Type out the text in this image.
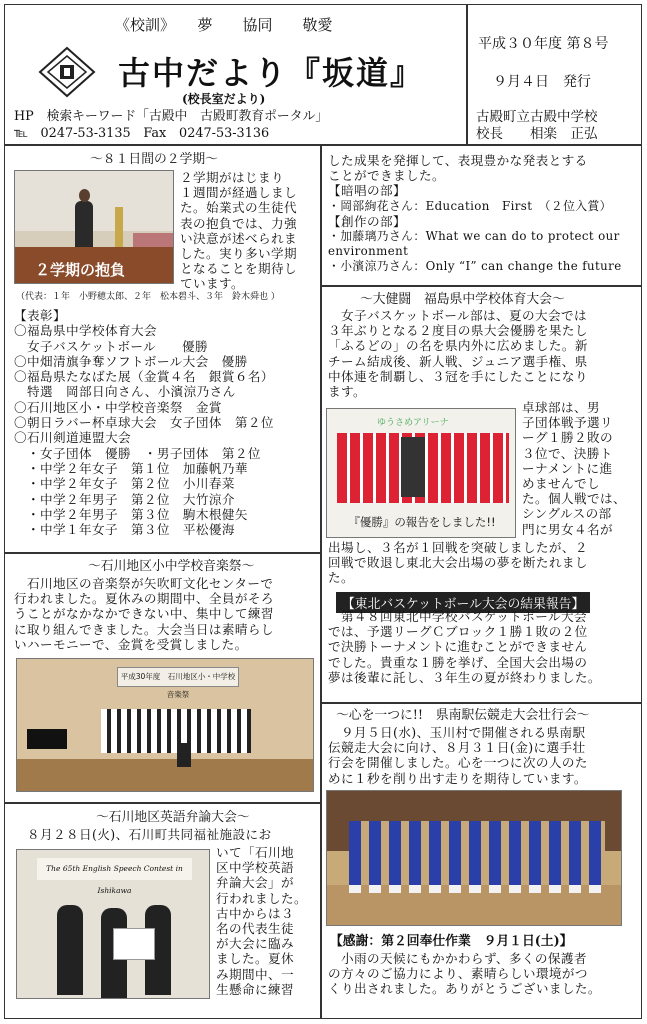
《校訓》　　夢　　協同　　敬愛
古中だより『坂道』
(校長室だより)
HP　検索キーワード「古殿中　古殿町教育ポータル」
℡　0247-53-3135　Fax　0247-53-3136
平成３０年度 第８号
９月４日　発行
古殿町立古殿中学校
校長　　相楽　正弘
～８１日間の２学期～
２学期の抱負
２学期がはじまり
１週間が経過しまし
た。始業式の生徒代
表の抱負では、力強
い決意が述べられま
した。実り多い学期
となることを期待し
ています。
（代表：１年　小野穂太郎、２年　松本碧斗、３年　鈴木舜也 ）
【表彰】
〇福島県中学校体育大会
　女子バスケットボール　　優勝
〇中畑清旗争奪ソフトボール大会　優勝
〇福島県たなばた展（金賞４名　銀賞６名）
　特選　岡部日向さん、小濱涼乃さん
〇石川地区小・中学校音楽祭　金賞
〇朝日ラバー杯卓球大会　女子団体　第２位
〇石川剣道連盟大会
　・女子団体　優勝　・男子団体　第２位
　・中学２年女子　第１位　加藤帆乃華
　・中学２年女子　第２位　小川春菜
　・中学２年男子　第２位　大竹涼介
　・中学２年男子　第３位　駒木根健矢
　・中学１年女子　第３位　平松優海
～石川地区小中学校音楽祭～
　石川地区の音楽祭が矢吹町文化センターで
行われました。夏休みの期間中、全員がそろ
うことがなかなかできない中、集中して練習
に取り組んできました。大会当日は素晴らし
いハーモニーで、金賞を受賞しました。
平成30年度　石川地区小・中学校音楽祭
～石川地区英語弁論大会～
　８月２８日(火)、石川町共同福祉施設にお
The 65th English Speech Contest in Ishikawa
いて「石川地
区中学校英語
弁論大会」が
行われました。
古中からは３
名の代表生徒
が大会に臨み
ました。夏休
み期間中、一
生懸命に練習
した成果を発揮して、表現豊かな発表とする
ことができました。
【暗唱の部】
・岡部絢花さん：Education　First　（２位入賞）
【創作の部】
・加藤璃乃さん：What we can do to protect our
environment
・小濱涼乃さん：Only “I” can change the future
～大健闘　福島県中学校体育大会～
　女子バスケットボール部は、夏の大会では
３年ぶりとなる２度目の県大会優勝を果たし
「ふるどの」の名を県内外に広めました。新
チーム結成後、新人戦、ジュニア選手権、県
中体連を制覇し、３冠を手にしたことになり
ます。
ゆうさめアリーナ
『優勝』の報告をしました!!
卓球部は、男
子団体戦予選リ
ーグ１勝２敗の
３位で、決勝ト
ーナメントに進
めませんでし
た。個人戦では、
シングルスの部
門に男女４名が
出場し、３名が１回戦を突破しましたが、２
回戦で敗退し東北大会出場の夢を断たれまし
た。
【東北バスケットボール大会の結果報告】
　第４８回東北中学校バスケットボール大会
では、予選リーグＣブロック１勝１敗の２位
で決勝トーナメントに進むことができません
でした。貴重な１勝を挙げ、全国大会出場の
夢は後輩に託し、３年生の夏が終わりました。
～心を一つに!!　県南駅伝競走大会壮行会～
　９月５日(水)、玉川村で開催される県南駅
伝競走大会に向け、８月３１日(金)に選手壮
行会を開催しました。心を一つに次の人のた
めに１秒を削り出す走りを期待しています。
【感謝：第２回奉仕作業　９月１日(土)】
　小雨の天候にもかかわらず、多くの保護者
の方々のご協力により、素晴らしい環境がつ
くり出されました。ありがとうございました。
